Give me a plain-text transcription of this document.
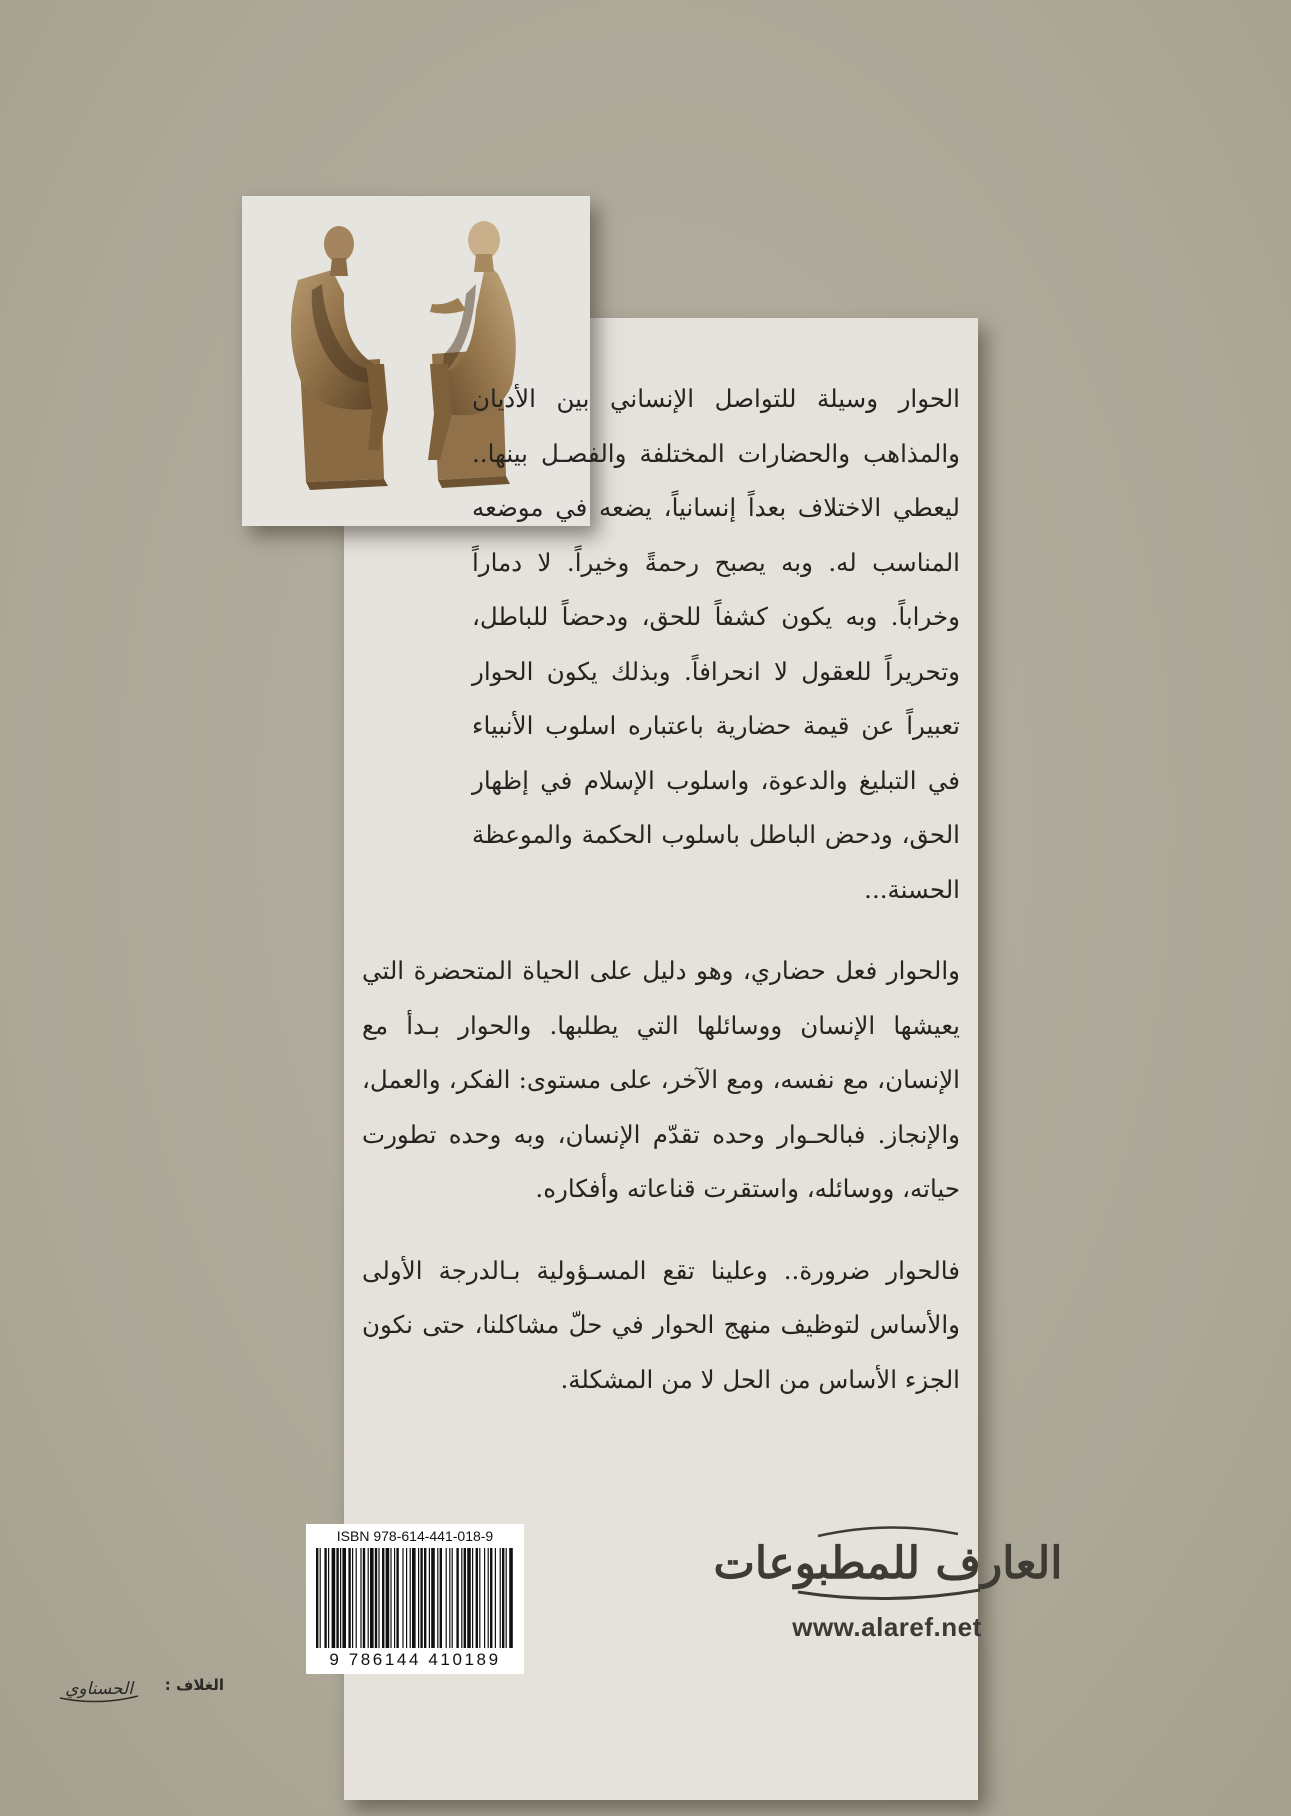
الحوار وسيلة للتواصل الإنساني بين الأديان والمذاهب والحضارات المختلفة والفصـل بينها.. ليعطي الاختلاف بعداً إنسانياً، يضعه في موضعه المناسب له. وبه يصبح رحمةً وخيراً. لا دماراً وخراباً. وبه يكون كشفاً للحق، ودحضاً للباطل، وتحريراً للعقول لا انحرافاً. وبذلك يكون الحوار تعبيراً عن قيمة حضارية باعتباره اسلوب الأنبياء في التبليغ والدعوة، واسلوب الإسلام في إظهار الحق، ودحض الباطل باسلوب الحكمة والموعظة الحسنة...

والحوار فعل حضاري، وهو دليل على الحياة المتحضرة التي يعيشها الإنسان ووسائلها التي يطلبها. والحوار بـدأ مع الإنسان، مع نفسه، ومع الآخر، على مستوى: الفكر، والعمل، والإنجاز. فبالحـوار وحده تقدّم الإنسان، وبه وحده تطورت حياته، ووسائله، واستقرت قناعاته وأفكاره.

فالحوار ضرورة.. وعلينا تقع المسـؤولية بـالدرجة الأولى والأساس لتوظيف منهج الحوار في حلّ مشاكلنا، حتى نكون الجزء الأساس من الحل لا من المشكلة.

العارف للمطبوعات
www.alaref.net
ISBN 978-614-441-018-9
9 786144 410189
الغلاف :
الحسناوي
